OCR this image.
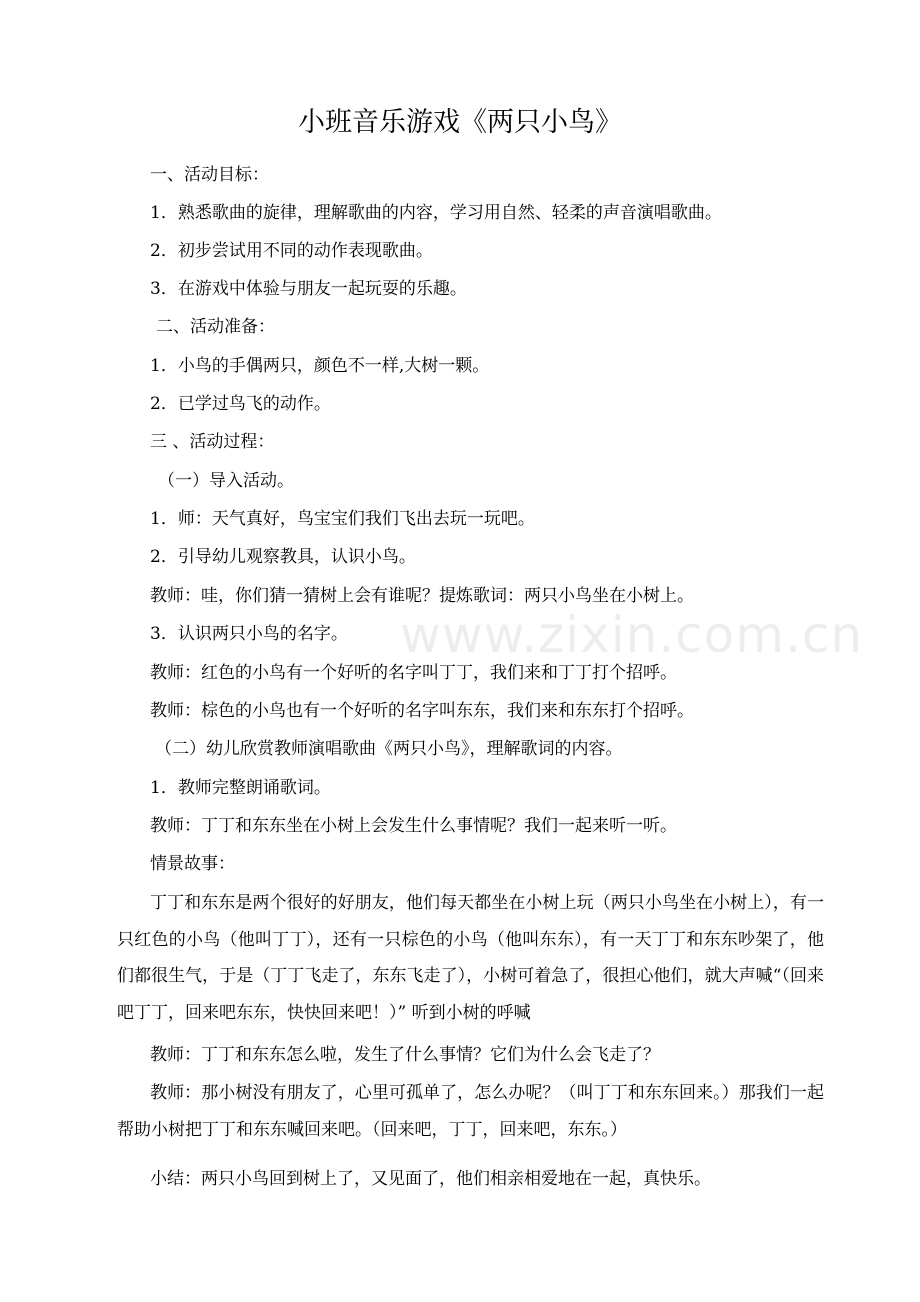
小班音乐游戏《两只小鸟》
一、活动目标：
1．熟悉歌曲的旋律，理解歌曲的内容，学习用自然、轻柔的声音演唱歌曲。
2．初步尝试用不同的动作表现歌曲。
3．在游戏中体验与朋友一起玩耍的乐趣。
二、活动准备：
1．小鸟的手偶两只，颜色不一样,大树一颗。
2．已学过鸟飞的动作。
三 、活动过程：
（一）导入活动。
1．师：天气真好，鸟宝宝们我们飞出去玩一玩吧。
2．引导幼儿观察教具，认识小鸟。
教师：哇，你们猜一猜树上会有谁呢？提炼歌词：两只小鸟坐在小树上。
3．认识两只小鸟的名字。
教师：红色的小鸟有一个好听的名字叫丁丁，我们来和丁丁打个招呼。
教师：棕色的小鸟也有一个好听的名字叫东东，我们来和东东打个招呼。
（二）幼儿欣赏教师演唱歌曲《两只小鸟》，理解歌词的内容。
1．教师完整朗诵歌词。
教师：丁丁和东东坐在小树上会发生什么事情呢？我们一起来听一听。
情景故事：
丁丁和东东是两个很好的好朋友，他们每天都坐在小树上玩（两只小鸟坐在小树上），有一只红色的小鸟（他叫丁丁），还有一只棕色的小鸟（他叫东东），有一天丁丁和东东吵架了，他们都很生气，于是（丁丁飞走了，东东飞走了），小树可着急了，很担心他们，就大声喊“（回来吧丁丁，回来吧东东，快快回来吧！）” 听到小树的呼喊
教师：丁丁和东东怎么啦，发生了什么事情？它们为什么会飞走了？
教师：那小树没有朋友了，心里可孤单了，怎么办呢？（叫丁丁和东东回来。）那我们一起帮助小树把丁丁和东东喊回来吧。（回来吧，丁丁，回来吧，东东。）
小结：两只小鸟回到树上了，又见面了，他们相亲相爱地在一起，真快乐。
www.zixin.com.cn
